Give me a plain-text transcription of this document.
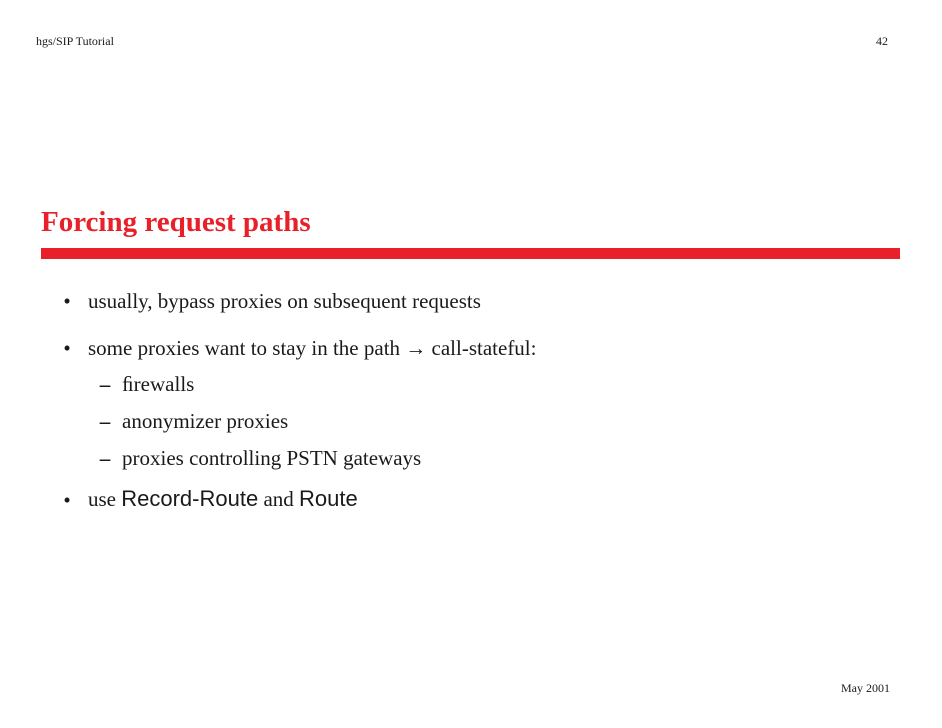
hgs/SIP Tutorial	42
Forcing request paths
• usually, bypass proxies on subsequent requests
• some proxies want to stay in the path → call-stateful:
– ﬁrewalls
– anonymizer proxies
– proxies controlling PSTN gateways
• use Record-Route and Route
May 2001
